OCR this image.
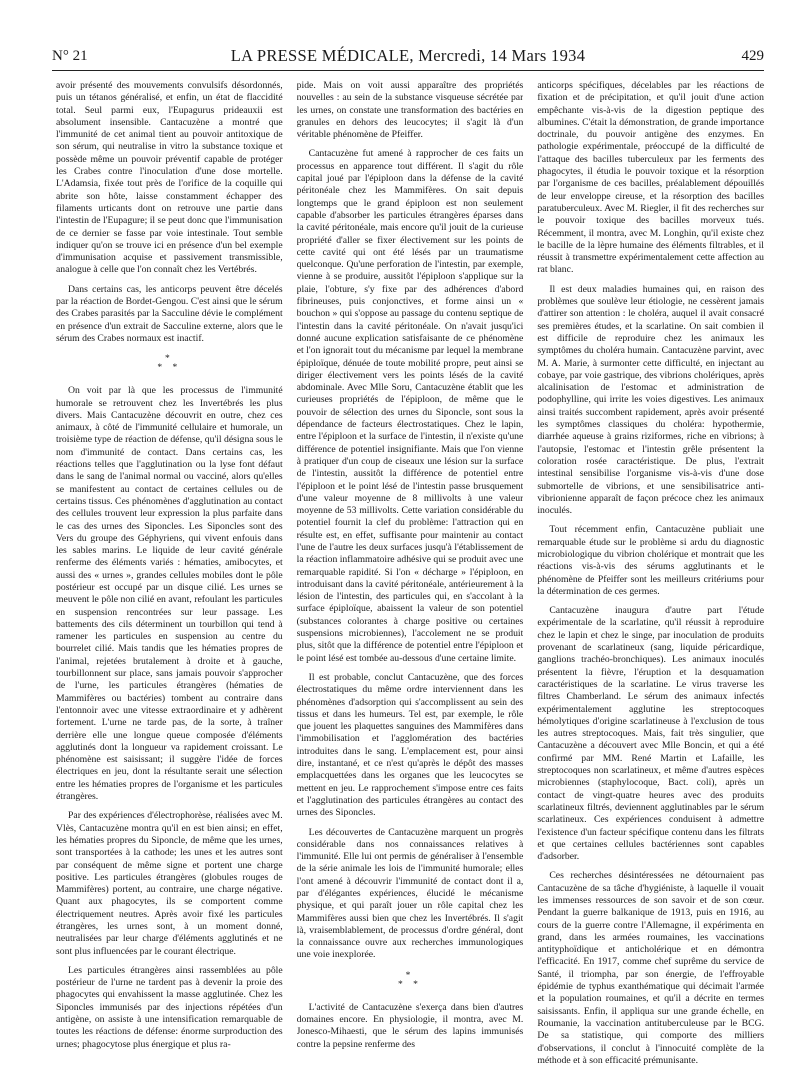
N° 21	LA PRESSE MÉDICALE, Mercredi, 14 Mars 1934	429

avoir présenté des mouvements convulsifs désordonnés, puis un tétanos généralisé, et enfin, un état de flaccidité total. Seul parmi eux, l'Eupagurus prideauxii est absolument insensible. Cantacuzène a montré que l'immunité de cet animal tient au pouvoir antitoxique de son sérum, qui neutralise in vitro la substance toxique et possède même un pouvoir préventif capable de protéger les Crabes contre l'inoculation d'une dose mortelle. L'Adamsia, fixée tout près de l'orifice de la coquille qui abrite son hôte, laisse constamment échapper des filaments urticants dont on retrouve une partie dans l'intestin de l'Eupagure; il se peut donc que l'immunisation de ce dernier se fasse par voie intestinale. Tout semble indiquer qu'on se trouve ici en présence d'un bel exemple d'immunisation acquise et passivement transmissible, analogue à celle que l'on connaît chez les Vertébrés.

Dans certains cas, les anticorps peuvent être décelés par la réaction de Bordet-Gengou. C'est ainsi que le sérum des Crabes parasités par la Sacculine dévie le complément en présence d'un extrait de Sacculine externe, alors que le sérum des Crabes normaux est inactif.

*
* *

On voit par là que les processus de l'immunité humorale se retrouvent chez les Invertébrés les plus divers. Mais Cantacuzène découvrit en outre, chez ces animaux, à côté de l'immunité cellulaire et humorale, un troisième type de réaction de défense, qu'il désigna sous le nom d'immunité de contact. Dans certains cas, les réactions telles que l'agglutination ou la lyse font défaut dans le sang de l'animal normal ou vacciné, alors qu'elles se manifestent au contact de certaines cellules ou de certains tissus. Ces phénomènes d'agglutination au contact des cellules trouvent leur expression la plus parfaite dans le cas des urnes des Siponcles. Les Siponcles sont des Vers du groupe des Géphyriens, qui vivent enfouis dans les sables marins. Le liquide de leur cavité générale renferme des éléments variés : hématies, amibocytes, et aussi des « urnes », grandes cellules mobiles dont le pôle postérieur est occupé par un disque cilié. Les urnes se meuvent le pôle non cilié en avant, refoulant les particules en suspension rencontrées sur leur passage. Les battements des cils déterminent un tourbillon qui tend à ramener les particules en suspension au centre du bourrelet cilié. Mais tandis que les hématies propres de l'animal, rejetées brutalement à droite et à gauche, tourbillonnent sur place, sans jamais pouvoir s'approcher de l'urne, les particules étrangères (hématies de Mammifères ou bactéries) tombent au contraire dans l'entonnoir avec une vitesse extraordinaire et y adhèrent fortement. L'urne ne tarde pas, de la sorte, à traîner derrière elle une longue queue composée d'éléments agglutinés dont la longueur va rapidement croissant. Le phénomène est saisissant; il suggère l'idée de forces électriques en jeu, dont la résultante serait une sélection entre les hématies propres de l'organisme et les particules étrangères.

Par des expériences d'électrophorèse, réalisées avec M. Vlès, Cantacuzène montra qu'il en est bien ainsi; en effet, les hématies propres du Siponcle, de même que les urnes, sont transportées à la cathode; les unes et les autres sont par conséquent de même signe et portent une charge positive. Les particules étrangères (globules rouges de Mammifères) portent, au contraire, une charge négative. Quant aux phagocytes, ils se comportent comme électriquement neutres. Après avoir fixé les particules étrangères, les urnes sont, à un moment donné, neutralisées par leur charge d'éléments agglutinés et ne sont plus influencées par le courant électrique.

Les particules étrangères ainsi rassemblées au pôle postérieur de l'urne ne tardent pas à devenir la proie des phagocytes qui envahissent la masse agglutinée. Chez les Siponcles immunisés par des injections répétées d'un antigène, on assiste à une intensification remarquable de toutes les réactions de défense: énorme surproduction des urnes; phagocytose plus énergique et plus ra-

pide. Mais on voit aussi apparaître des propriétés nouvelles : au sein de la substance visqueuse sécrétée par les urnes, on constate une transformation des bactéries en granules en dehors des leucocytes; il s'agit là d'un véritable phénomène de Pfeiffer.

Cantacuzène fut amené à rapprocher de ces faits un processus en apparence tout différent. Il s'agit du rôle capital joué par l'épiploon dans la défense de la cavité péritonéale chez les Mammifères. On sait depuis longtemps que le grand épiploon est non seulement capable d'absorber les particules étrangères éparses dans la cavité péritonéale, mais encore qu'il jouit de la curieuse propriété d'aller se fixer électivement sur les points de cette cavité qui ont été lésés par un traumatisme quelconque. Qu'une perforation de l'intestin, par exemple, vienne à se produire, aussitôt l'épiploon s'applique sur la plaie, l'obture, s'y fixe par des adhérences d'abord fibrineuses, puis conjonctives, et forme ainsi un « bouchon » qui s'oppose au passage du contenu septique de l'intestin dans la cavité péritonéale. On n'avait jusqu'ici donné aucune explication satisfaisante de ce phénomène et l'on ignorait tout du mécanisme par lequel la membrane épiploïque, dénuée de toute mobilité propre, peut ainsi se diriger électivement vers les points lésés de la cavité abdominale. Avec Mlle Soru, Cantacuzène établit que les curieuses propriétés de l'épiploon, de même que le pouvoir de sélection des urnes du Siponcle, sont sous la dépendance de facteurs électrostatiques. Chez le lapin, entre l'épiploon et la surface de l'intestin, il n'existe qu'une différence de potentiel insignifiante. Mais que l'on vienne à pratiquer d'un coup de ciseaux une lésion sur la surface de l'intestin, aussitôt la différence de potentiel entre l'épiploon et le point lésé de l'intestin passe brusquement d'une valeur moyenne de 8 millivolts à une valeur moyenne de 53 millivolts. Cette variation considérable du potentiel fournit la clef du problème: l'attraction qui en résulte est, en effet, suffisante pour maintenir au contact l'une de l'autre les deux surfaces jusqu'à l'établissement de la réaction inflammatoire adhésive qui se produit avec une remarquable rapidité. Si l'on « décharge » l'épiploon, en introduisant dans la cavité péritonéale, antérieurement à la lésion de l'intestin, des particules qui, en s'accolant à la surface épiploïque, abaissent la valeur de son potentiel (substances colorantes à charge positive ou certaines suspensions microbiennes), l'accolement ne se produit plus, sitôt que la différence de potentiel entre l'épiploon et le point lésé est tombée au-dessous d'une certaine limite.

Il est probable, conclut Cantacuzène, que des forces électrostatiques du même ordre interviennent dans les phénomènes d'adsorption qui s'accomplissent au sein des tissus et dans les humeurs. Tel est, par exemple, le rôle que jouent les plaquettes sanguines des Mammifères dans l'immobilisation et l'agglomération des bactéries introduites dans le sang. L'emplacement est, pour ainsi dire, instantané, et ce n'est qu'après le dépôt des masses emplacquettées dans les organes que les leucocytes se mettent en jeu. Le rapprochement s'impose entre ces faits et l'agglutination des particules étrangères au contact des urnes des Siponcles.

Les découvertes de Cantacuzène marquent un progrès considérable dans nos connaissances relatives à l'immunité. Elle lui ont permis de généraliser à l'ensemble de la série animale les lois de l'immunité humorale; elles l'ont amené à découvrir l'immunité de contact dont il a, par d'élégantes expériences, élucidé le mécanisme physique, et qui paraît jouer un rôle capital chez les Mammifères aussi bien que chez les Invertébrés. Il s'agit là, vraisemblablement, de processus d'ordre général, dont la connaissance ouvre aux recherches immunologiques une voie inexplorée.

*
* *

L'activité de Cantacuzène s'exerça dans bien d'autres domaines encore. En physiologie, il montra, avec M. Jonesco-Mihaesti, que le sérum des lapins immunisés contre la pepsine renferme des

anticorps spécifiques, décelables par les réactions de fixation et de précipitation, et qu'il jouit d'une action empêchante vis-à-vis de la digestion peptique des albumines. C'était la démonstration, de grande importance doctrinale, du pouvoir antigène des enzymes. En pathologie expérimentale, préoccupé de la difficulté de l'attaque des bacilles tuberculeux par les ferments des phagocytes, il étudia le pouvoir toxique et la résorption par l'organisme de ces bacilles, préalablement dépouillés de leur enveloppe cireuse, et la résorption des bacilles paratuberculeux. Avec M. Riegler, il fit des recherches sur le pouvoir toxique des bacilles morveux tués. Récemment, il montra, avec M. Longhin, qu'il existe chez le bacille de la lèpre humaine des éléments filtrables, et il réussit à transmettre expérimentalement cette affection au rat blanc.

Il est deux maladies humaines qui, en raison des problèmes que soulève leur étiologie, ne cessèrent jamais d'attirer son attention : le choléra, auquel il avait consacré ses premières études, et la scarlatine. On sait combien il est difficile de reproduire chez les animaux les symptômes du choléra humain. Cantacuzène parvint, avec M. A. Marie, à surmonter cette difficulté, en injectant au cobaye, par voie gastrique, des vibrions cholériques, après alcalinisation de l'estomac et administration de podophylline, qui irrite les voies digestives. Les animaux ainsi traités succombent rapidement, après avoir présenté les symptômes classiques du choléra: hypothermie, diarrhée aqueuse à grains riziformes, riche en vibrions; à l'autopsie, l'estomac et l'intestin grêle présentent la coloration rosée caractéristique. De plus, l'extrait intestinal sensibilise l'organisme vis-à-vis d'une dose submortelle de vibrions, et une sensibilisatrice anti-vibrionienne apparaît de façon précoce chez les animaux inoculés.

Tout récemment enfin, Cantacuzène publiait une remarquable étude sur le problème si ardu du diagnostic microbiologique du vibrion cholérique et montrait que les réactions vis-à-vis des sérums agglutinants et le phénomène de Pfeiffer sont les meilleurs critériums pour la détermination de ces germes.

Cantacuzène inaugura d'autre part l'étude expérimentale de la scarlatine, qu'il réussit à reproduire chez le lapin et chez le singe, par inoculation de produits provenant de scarlatineux (sang, liquide péricardique, ganglions trachéo-bronchiques). Les animaux inoculés présentent la fièvre, l'éruption et la desquamation caractéristiques de la scarlatine. Le virus traverse les filtres Chamberland. Le sérum des animaux infectés expérimentalement agglutine les streptocoques hémolytiques d'origine scarlatineuse à l'exclusion de tous les autres streptocoques. Mais, fait très singulier, que Cantacuzène a découvert avec Mlle Boncin, et qui a été confirmé par MM. René Martin et Lafaille, les streptocoques non scarlatineux, et même d'autres espèces microbiennes (staphylocoque, Bact. coli), après un contact de vingt-quatre heures avec des produits scarlatineux filtrés, deviennent agglutinables par le sérum scarlatineux. Ces expériences conduisent à admettre l'existence d'un facteur spécifique contenu dans les filtrats et que certaines cellules bactériennes sont capables d'adsorber.

Ces recherches désintéressées ne détournaient pas Cantacuzène de sa tâche d'hygiéniste, à laquelle il vouait les immenses ressources de son savoir et de son cœur. Pendant la guerre balkanique de 1913, puis en 1916, au cours de la guerre contre l'Allemagne, il expérimenta en grand, dans les armées roumaines, les vaccinations antityphoïdique et anticholérique et en démontra l'efficacité. En 1917, comme chef suprême du service de Santé, il triompha, par son énergie, de l'effroyable épidémie de typhus exanthématique qui décimait l'armée et la population roumaines, et qu'il a décrite en termes saisissants. Enfin, il appliqua sur une grande échelle, en Roumanie, la vaccination antituberculeuse par le BCG. De sa statistique, qui comporte des milliers d'observations, il conclut à l'innocuité complète de la méthode et à son efficacité prémunisante.
